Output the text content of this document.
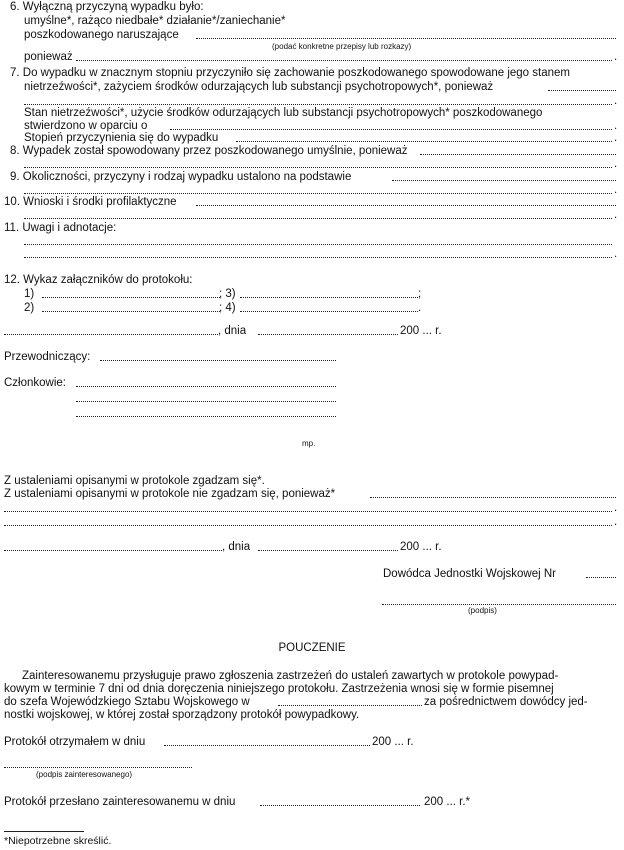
6. Wyłączną przyczyną wypadku było:
umyślne*, rażąco niedbałe* działanie*/zaniechanie*
poszkodowanego naruszające
(podać konkretne przepisy lub rozkazy)
ponieważ	.
7. Do wypadku w znacznym stopniu przyczyniło się zachowanie poszkodowanego spowodowane jego stanem
nietrzeźwości*, zażyciem środków odurzających lub substancji psychotropowych*, ponieważ
.
Stan nietrzeźwości*, użycie środków odurzających lub substancji psychotropowych* poszkodowanego
stwierdzono w oparciu o	.
Stopień przyczynienia się do wypadku	.
8. Wypadek został spowodowany przez poszkodowanego umyślnie, ponieważ
.
9. Okoliczności, przyczyny i rodzaj wypadku ustalono na podstawie
.
10. Wnioski i środki profilaktyczne
.
11. Uwagi i adnotacje:
.
12. Wykaz załączników do protokołu:
1)	; 3)	;
2)	; 4)	.
, dnia	200 ... r.
Przewodniczący:
Członkowie:
mp.
Z ustaleniami opisanymi w protokole zgadzam się*.
Z ustaleniami opisanymi w protokole nie zgadzam się, ponieważ*
.
.
, dnia	200 ... r.
Dowódca Jednostki Wojskowej Nr
(podpis)
POUCZENIE
Zainteresowanemu przysługuje prawo zgłoszenia zastrzeżeń do ustaleń zawartych w protokole powypad-
kowym w terminie 7 dni od dnia doręczenia niniejszego protokołu. Zastrzeżenia wnosi się w formie pisemnej
do szefa Wojewódzkiego Sztabu Wojskowego w	za pośrednictwem dowódcy jed-
nostki wojskowej, w której został sporządzony protokół powypadkowy.
Protokół otrzymałem w dniu	200 ... r.
(podpis zainteresowanego)
Protokół przesłano zainteresowanemu w dniu	200 ... r.*
*Niepotrzebne skreślić.
